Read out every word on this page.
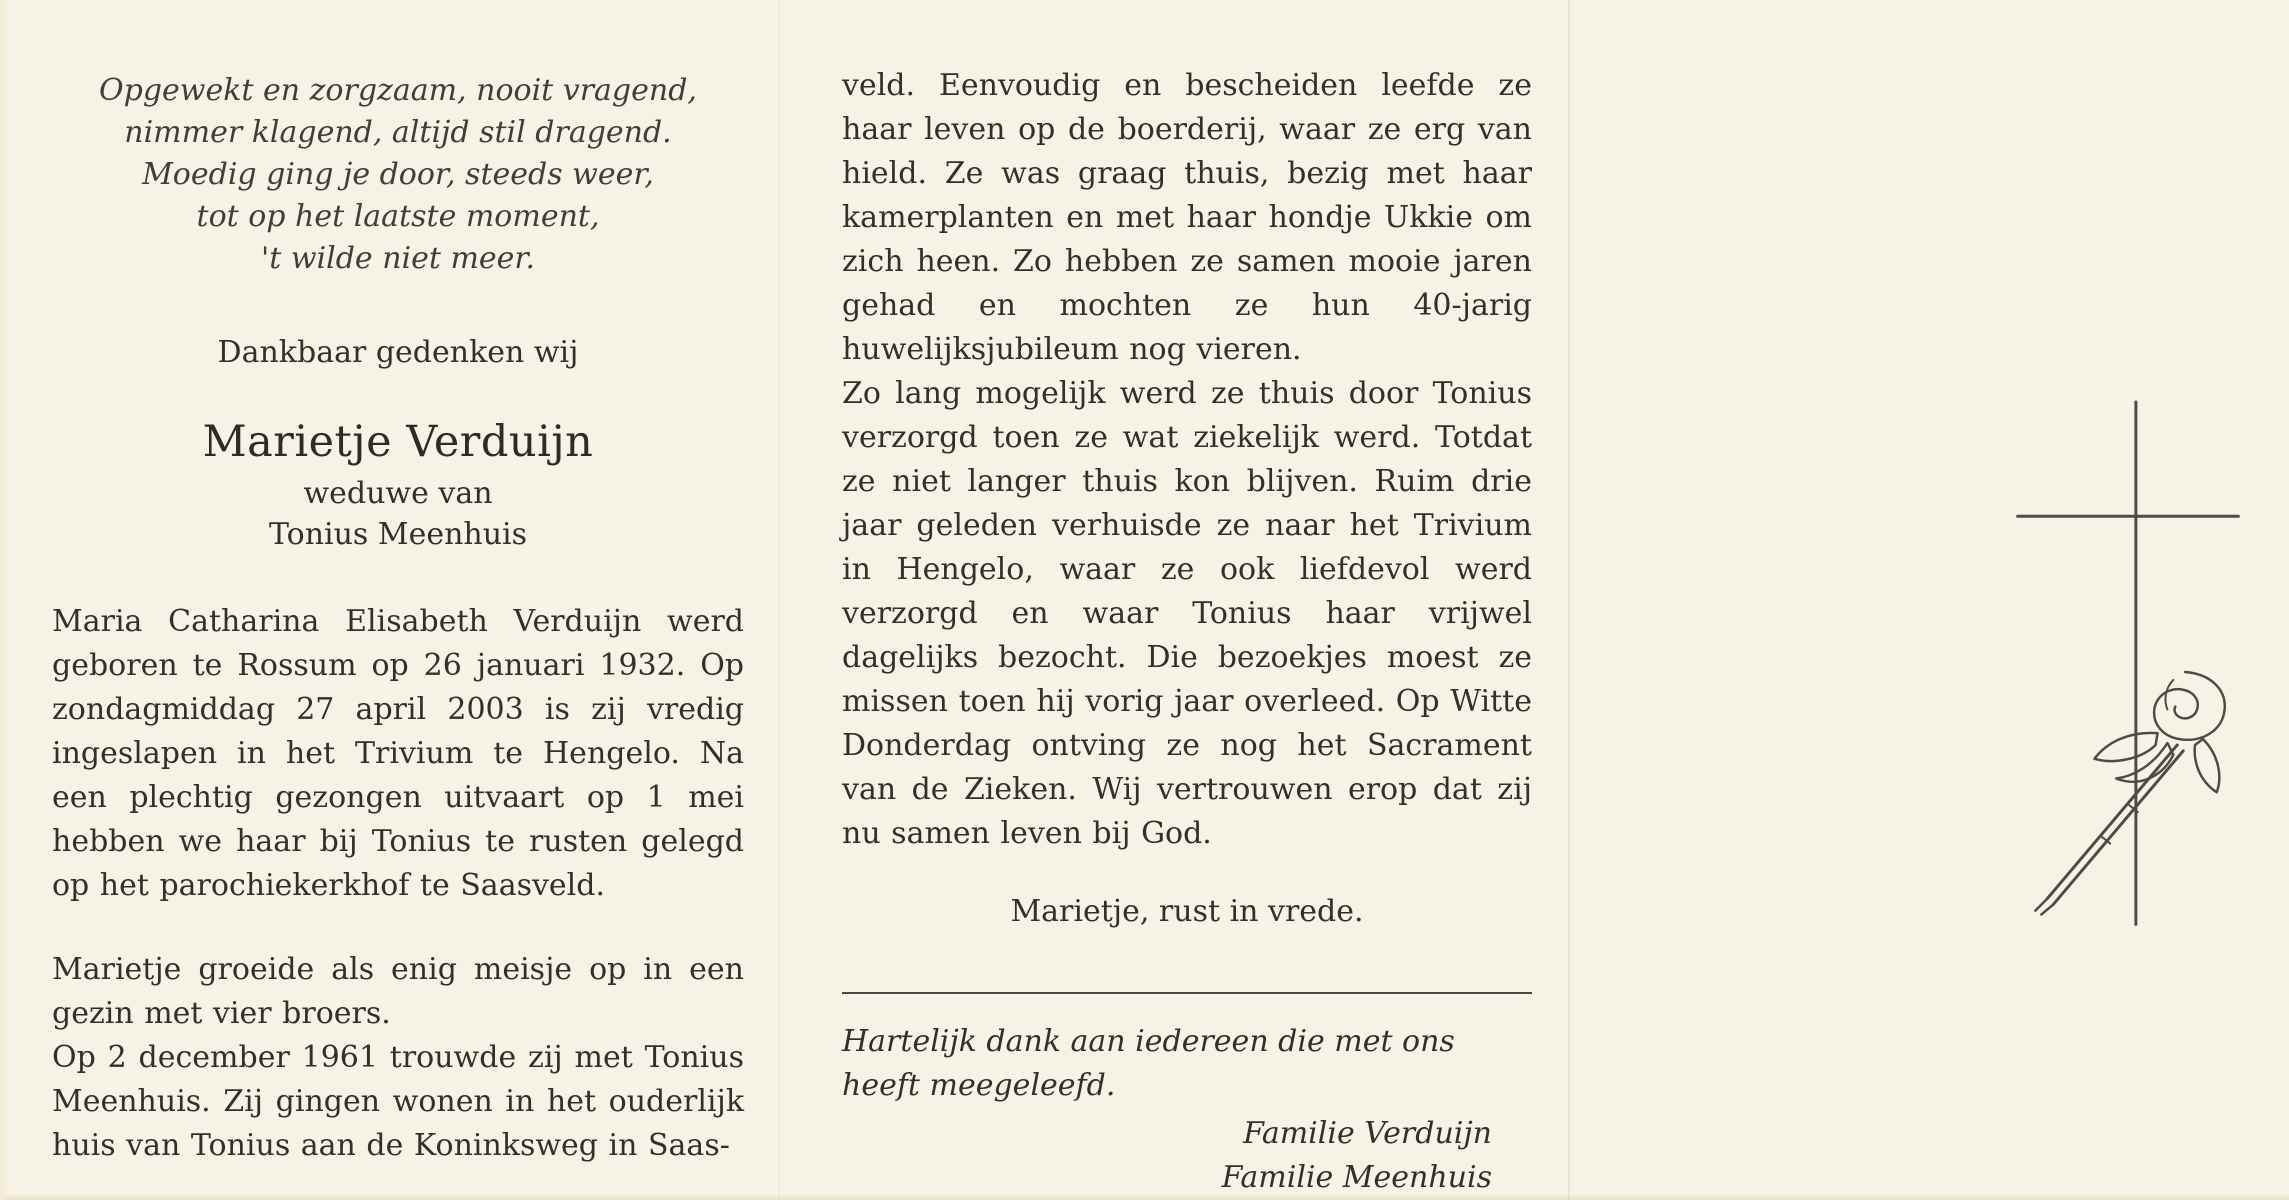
Opgewekt en zorgzaam, nooit vragend,
nimmer klagend, altijd stil dragend.
Moedig ging je door, steeds weer,
tot op het laatste moment,
't wilde niet meer.
Dankbaar gedenken wij
Marietje Verduijn
weduwe van
Tonius Meenhuis

Maria Catharina Elisabeth Verduijn werd geboren te Rossum op 26 januari 1932. Op zondagmiddag 27 april 2003 is zij vredig ingeslapen in het Trivium te Hengelo. Na een plechtig gezongen uitvaart op 1 mei hebben we haar bij Tonius te rusten gelegd op het parochiekerkhof te Saasveld.

Marietje groeide als enig meisje op in een gezin met vier broers.

Op 2 december 1961 trouwde zij met Tonius Meenhuis. Zij gingen wonen in het ouderlijk huis van Tonius aan de Koninksweg in Saas-

veld. Eenvoudig en bescheiden leefde ze haar leven op de boerderij, waar ze erg van hield. Ze was graag thuis, bezig met haar kamerplanten en met haar hondje Ukkie om zich heen. Zo hebben ze samen mooie jaren gehad en mochten ze hun 40-jarig huwelijksjubileum nog vieren.

Zo lang mogelijk werd ze thuis door Tonius verzorgd toen ze wat ziekelijk werd. Totdat ze niet langer thuis kon blijven. Ruim drie jaar geleden verhuisde ze naar het Trivium in Hengelo, waar ze ook liefdevol werd verzorgd en waar Tonius haar vrijwel dagelijks bezocht. Die bezoekjes moest ze missen toen hij vorig jaar overleed. Op Witte Donderdag ontving ze nog het Sacrament van de Zieken. Wij vertrouwen erop dat zij nu samen leven bij God.

Marietje, rust in vrede.
Hartelijk dank aan iedereen die met ons heeft meegeleefd.
Familie Verduijn
Familie Meenhuis
